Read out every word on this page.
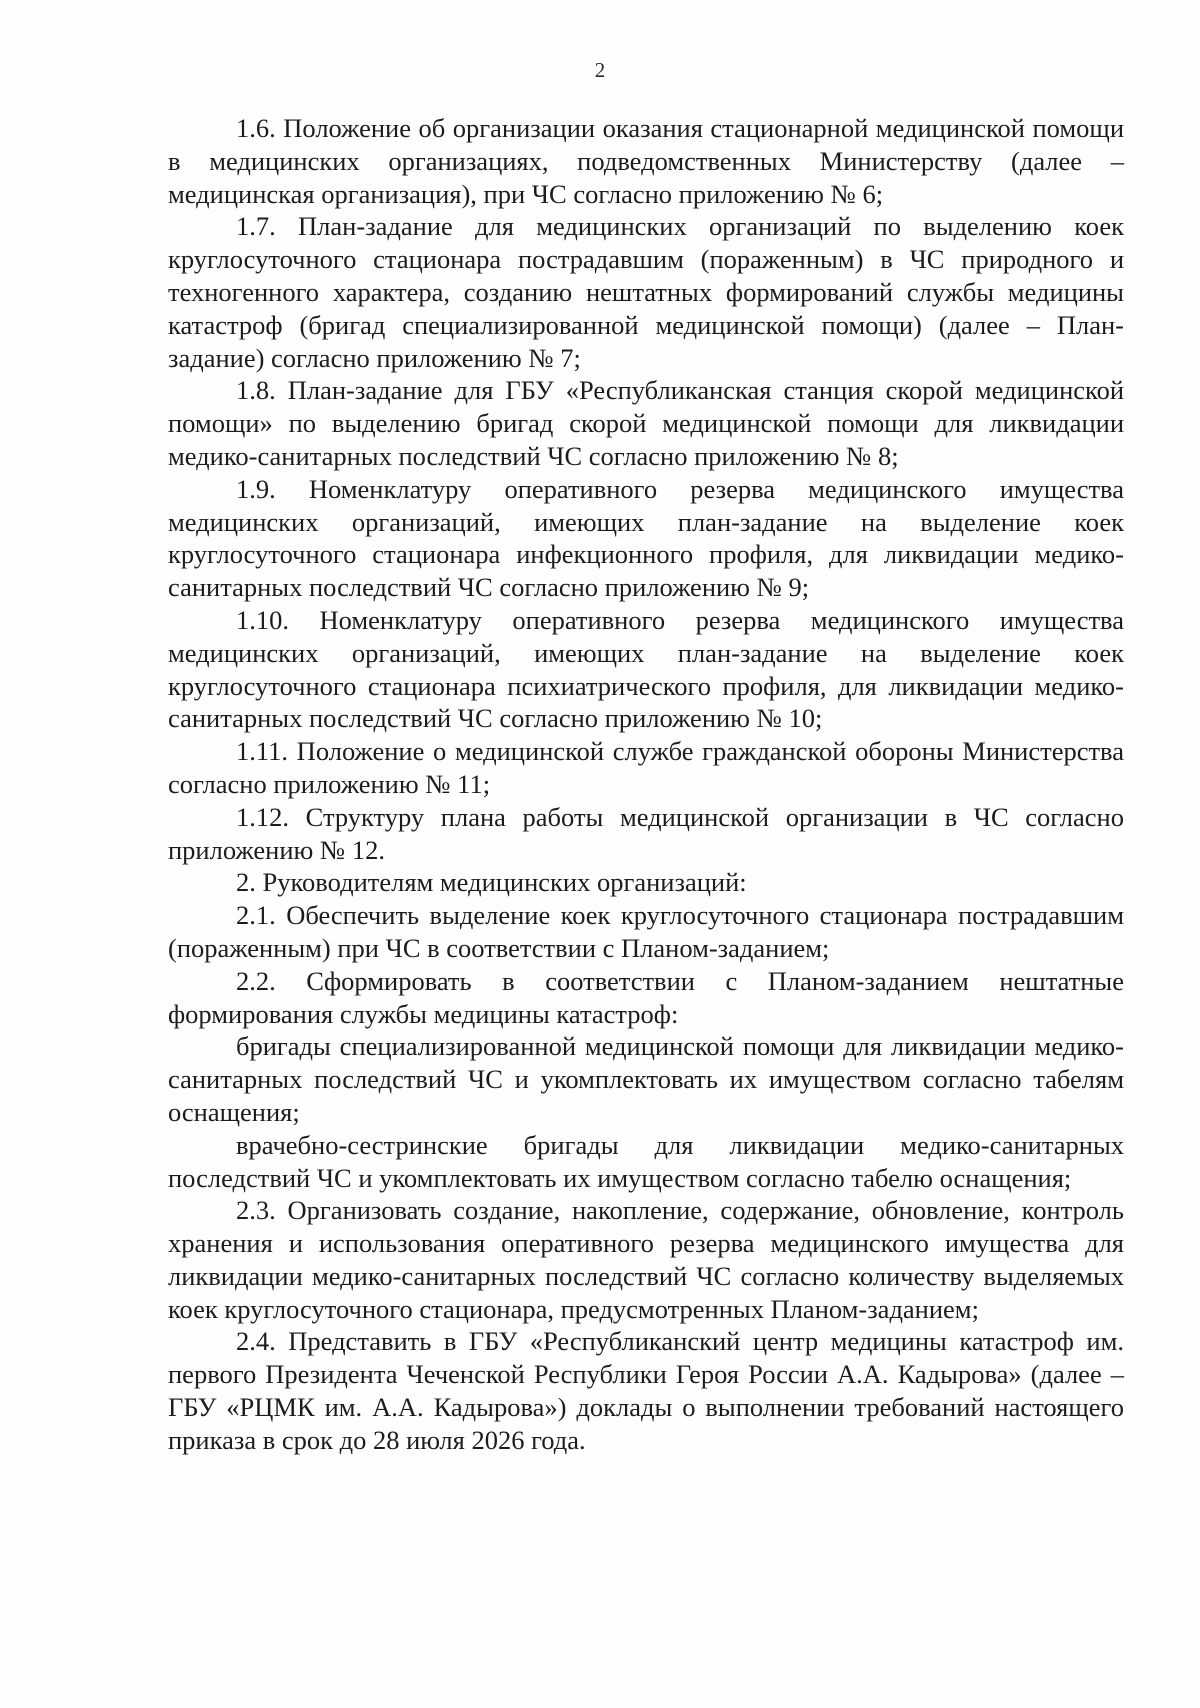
2

1.6. Положение об организации оказания стационарной медицинской помощи в медицинских организациях, подведомственных Министерству (далее – медицинская организация), при ЧС согласно приложению № 6;

1.7. План-задание для медицинских организаций по выделению коек круглосуточного стационара пострадавшим (пораженным) в ЧС природного и техногенного характера, созданию нештатных формирований службы медицины катастроф (бригад специализированной медицинской помощи) (далее – План-задание) согласно приложению № 7;

1.8. План-задание для ГБУ «Республиканская станция скорой медицинской помощи» по выделению бригад скорой медицинской помощи для ликвидации медико-санитарных последствий ЧС согласно приложению № 8;

1.9. Номенклатуру оперативного резерва медицинского имущества медицинских организаций, имеющих план-задание на выделение коек круглосуточного стационара инфекционного профиля, для ликвидации медико-санитарных последствий ЧС согласно приложению № 9;

1.10. Номенклатуру оперативного резерва медицинского имущества медицинских организаций, имеющих план-задание на выделение коек круглосуточного стационара психиатрического профиля, для ликвидации медико-санитарных последствий ЧС согласно приложению № 10;

1.11. Положение о медицинской службе гражданской обороны Министерства согласно приложению № 11;

1.12. Структуру плана работы медицинской организации в ЧС согласно приложению № 12.

2. Руководителям медицинских организаций:

2.1. Обеспечить выделение коек круглосуточного стационара пострадавшим (пораженным) при ЧС в соответствии с Планом-заданием;

2.2. Сформировать в соответствии с Планом-заданием нештатные формирования службы медицины катастроф:

бригады специализированной медицинской помощи для ликвидации медико-санитарных последствий ЧС и укомплектовать их имуществом согласно табелям оснащения;

врачебно-сестринские бригады для ликвидации медико-санитарных последствий ЧС и укомплектовать их имуществом согласно табелю оснащения;

2.3. Организовать создание, накопление, содержание, обновление, контроль хранения и использования оперативного резерва медицинского имущества для ликвидации медико-санитарных последствий ЧС согласно количеству выделяемых коек круглосуточного стационара, предусмотренных Планом-заданием;

2.4. Представить в ГБУ «Республиканский центр медицины катастроф им. первого Президента Чеченской Республики Героя России А.А. Кадырова» (далее – ГБУ «РЦМК им. А.А. Кадырова») доклады о выполнении требований настоящего приказа в срок до 28 июля 2026 года.
